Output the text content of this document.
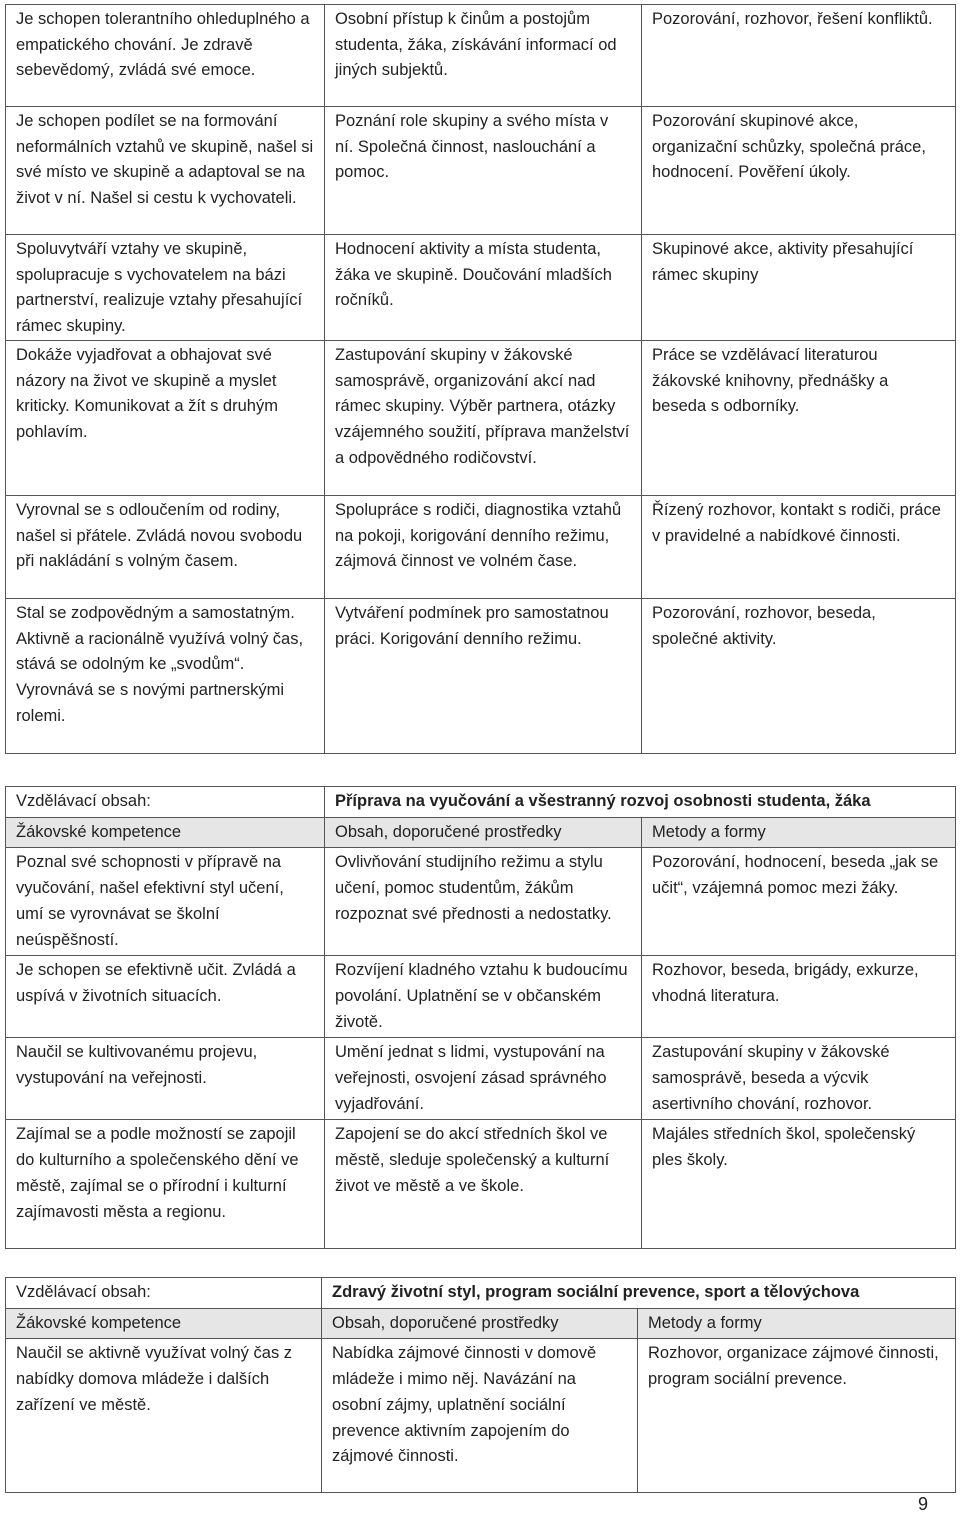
Je schopen tolerantního ohleduplného a empatického chování. Je zdravě sebevědomý, zvládá své emoce.	Osobní přístup k činům a postojům studenta, žáka, získávání informací od jiných subjektů.	Pozorování, rozhovor, řešení konfliktů.
Je schopen podílet se na formování neformálních vztahů ve skupině, našel si své místo ve skupině a adaptoval se na život v ní. Našel si cestu k vychovateli.	Poznání role skupiny a svého místa v ní. Společná činnost, naslouchání a pomoc.	Pozorování skupinové akce, organizační schůzky, společná práce, hodnocení. Pověření úkoly.
Spoluvytváří vztahy ve skupině, spolupracuje s vychovatelem na bázi partnerství, realizuje vztahy přesahující rámec skupiny.	Hodnocení aktivity a místa studenta, žáka ve skupině. Doučování mladších ročníků.	Skupinové akce, aktivity přesahující rámec skupiny
Dokáže vyjadřovat a obhajovat své názory na život ve skupině a myslet kriticky. Komunikovat a žít s druhým pohlavím.	Zastupování skupiny v žákovské samosprávě, organizování akcí nad rámec skupiny. Výběr partnera, otázky vzájemného soužití, příprava manželství a odpovědného rodičovství.	Práce se vzdělávací literaturou žákovské knihovny, přednášky a beseda s odborníky.
Vyrovnal se s odloučením od rodiny, našel si přátele. Zvládá novou svobodu při nakládání s volným časem.	Spolupráce s rodiči, diagnostika vztahů na pokoji, korigování denního režimu, zájmová činnost ve volném čase.	Řízený rozhovor, kontakt s rodiči, práce v pravidelné a nabídkové činnosti.
Stal se zodpovědným a samostatným. Aktivně a racionálně využívá volný čas, stává se odolným ke „svodům“. Vyrovnává se s novými partnerskými rolemi.	Vytváření podmínek pro samostatnou práci. Korigování denního režimu.	Pozorování, rozhovor, beseda, společné aktivity.
Vzdělávací obsah:	Příprava na vyučování a všestranný rozvoj osobnosti studenta, žáka	
Žákovské kompetence	Obsah, doporučené prostředky	Metody a formy
Poznal své schopnosti v přípravě na vyučování, našel efektivní styl učení, umí se vyrovnávat se školní neúspěšností.	Ovlivňování studijního režimu a stylu učení, pomoc studentům, žákům rozpoznat své přednosti a nedostatky.	Pozorování, hodnocení, beseda „jak se učit“, vzájemná pomoc mezi žáky.
Je schopen se efektivně učit. Zvládá a uspívá v životních situacích.	Rozvíjení kladného vztahu k budoucímu povolání. Uplatnění se v občanském životě.	Rozhovor, beseda, brigády, exkurze, vhodná literatura.
Naučil se kultivovanému projevu, vystupování na veřejnosti.	Umění jednat s lidmi, vystupování na veřejnosti, osvojení zásad správného vyjadřování.	Zastupování skupiny v žákovské samosprávě, beseda a výcvik asertivního chování, rozhovor.
Zajímal se a podle možností se zapojil do kulturního a společenského dění ve městě, zajímal se o přírodní i kulturní zajímavosti města a regionu.	Zapojení se do akcí středních škol ve městě, sleduje společenský a kulturní život ve městě a ve škole.	Majáles středních škol, společenský ples školy.
Vzdělávací obsah:	Zdravý životní styl, program sociální prevence, sport a tělovýchova	
Žákovské kompetence	Obsah, doporučené prostředky	Metody a formy
Naučil se aktivně využívat volný čas z nabídky domova mládeže i dalších zařízení ve městě.	Nabídka zájmové činnosti v domově mládeže i mimo něj. Navázání na osobní zájmy, uplatnění sociální prevence aktivním zapojením do zájmové činnosti.	Rozhovor, organizace zájmové činnosti, program sociální prevence.
9
